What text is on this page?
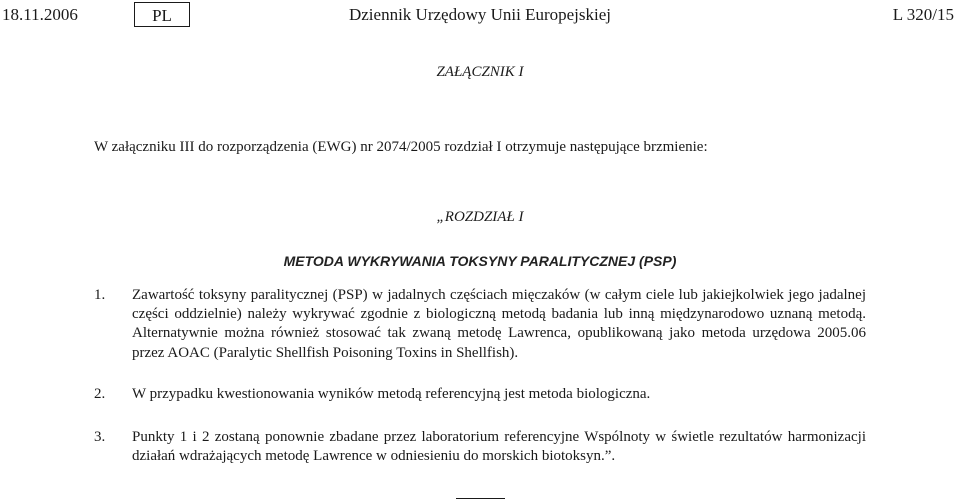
18.11.2006	PL	Dziennik Urzędowy Unii Europejskiej	L 320/15
ZAŁĄCZNIK I
W załączniku III do rozporządzenia (EWG) nr 2074/2005 rozdział I otrzymuje następujące brzmienie:
„ROZDZIAŁ I
METODA WYKRYWANIA TOKSYNY PARALITYCZNEJ (PSP)
1. Zawartość toksyny paralitycznej (PSP) w jadalnych częściach mięczaków (w całym ciele lub jakiejkolwiek jego jadalnej części oddzielnie) należy wykrywać zgodnie z biologiczną metodą badania lub inną międzynarodowo uznaną metodą. Alternatywnie można również stosować tak zwaną metodę Lawrenca, opublikowaną jako metoda urzędowa 2005.06 przez AOAC (Paralytic Shellfish Poisoning Toxins in Shellfish).
2. W przypadku kwestionowania wyników metodą referencyjną jest metoda biologiczna.
3. Punkty 1 i 2 zostaną ponownie zbadane przez laboratorium referencyjne Wspólnoty w świetle rezultatów harmonizacji działań wdrażających metodę Lawrence w odniesieniu do morskich biotoksyn.”.
